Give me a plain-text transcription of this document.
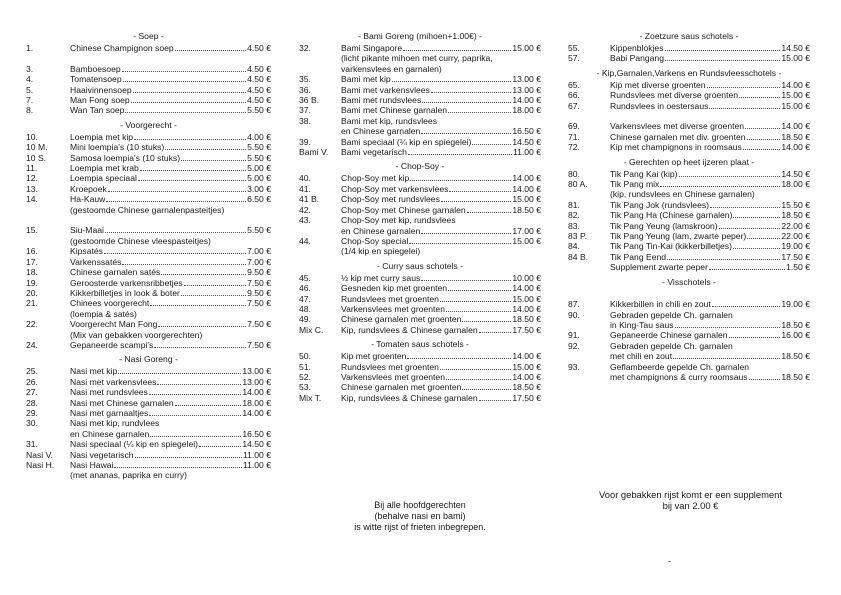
- Soep -
1.	Chinese Champignon soep	4.50 €
3.	Bamboesoep	4.50 €
4.	Tomatensoep	4.50 €
5.	Haaivinnensoep	4.50 €
7.	Man Fong soep	4.50 €
8.	Wan Tan soep	5.50 €
- Voorgerecht -
10.	Loempia met kip	4.00 €
10 M.	Mini loempia's (10 stuks)	5.50 €
10 S.	Samosa loempia's (10 stuks)	5.50 €
11.	Loempia met krab	5.00 €
12.	Loempia speciaal	5.00 €
13.	Kroepoek	3.00 €
14.	Ha-Kauw	6.50 €
(gestoomde Chinese garnalenpasteitjes)
15.	Siu-Maai	5.50 €
(gestoomde Chinese vleespasteitjes)
16.	Kipsatés	7.00 €
17.	Varkenssatés	7.00 €
18.	Chinese garnalen satés	9.50 €
19.	Geroosterde varkensribbetjes	7.50 €
20.	Kikkerbilletjes in look & boter	9.50 €
21.	Chinees voorgerecht	7.50 €
(loempia & satés)
22.	Voorgerecht Man Fong	7.50 €
(Mix van gebakken voorgerechten)
24.	Gepaneerde scampi's	7.50 €
- Nasi Goreng -
25.	Nasi met kip	13.00 €
26.	Nasi met varkensvlees	13.00 €
27.	Nasi met rundsvlees	14.00 €
28.	Nasi met Chinese garnalen	18.00 €
29.	Nasi met garnaaltjes	14.00 €
30.	Nasi met kip, rundvlees
en Chinese garnalen	16.50 €
31.	Nasi speciaal (¼ kip en spiegelei)	14.50 €
Nasi V.	Nasi vegetarisch	11.00 €
Nasi H.	Nasi Hawai	11.00 €
(met ananas, paprika en curry)
- Bami Goreng (mihoen+1.00€) -
32.	Bami Singapore	15.00 €
(licht pikante mihoen met curry, paprika,
varkensvlees en garnalen)
35.	Bami met kip	13.00 €
36.	Bami met varkensvlees	13.00 €
36 B.	Bami met rundsvlees	14.00 €
37.	Bami met Chinese garnalen	18.00 €
38.	Bami met kip, rundsvlees
en Chinese garnalen	16.50 €
39.	Bami speciaal (¼ kip en spiegelei)	14.50 €
Bami V.	Bami vegetarisch	11.00 €
- Chop-Soy -
40.	Chop-Soy met kip	14.00 €
41.	Chop-Soy met varkensvlees	14.00 €
41 B.	Chop-Soy met rundsvlees	15.00 €
42.	Chop-Soy met Chinese garnalen	18.50 €
43.	Chop-Soy met kip, rundsvlees
en Chinese garnalen	17.00 €
44.	Chop-Soy special	15.00 €
(1/4 kip en spiegelei)
- Curry saus schotels -
45.	½ kip met curry saus	10.00 €
46.	Gesneden kip met groenten	14.00 €
47.	Rundsvlees met groenten	15.00 €
48.	Varkensvlees met groenten	14.00 €
49.	Chinese garnalen met groenten	18.50 €
Mix C.	Kip, rundsvlees & Chinese garnalen	17.50 €
- Tomaten saus schotels -
50.	Kip met groenten	14.00 €
51.	Rundsvlees met groenten	15.00 €
52.	Varkensvlees met groenten	14.00 €
53.	Chinese garnalen met groenten	18.50 €
Mix T.	Kip, rundsvlees & Chinese garnalen	17.50 €
- Zoetzure saus schotels -
55.	Kippenblokjes	14.50 €
57.	Babi Pangang	15.00 €
- Kip,Garnalen,Varkens en Rundsvleesschotels -
65.	Kip met diverse groenten	14.00 €
66.	Rundsvlees met diverse groenten	15.00 €
67.	Rundsvlees in oestersaus	15.00 €
69.	Varkensvlees met diverse groenten	14.00 €
71.	Chinese garnalen met div. groenten	18.50 €
72.	Kip met champignons in roomsaus	14.00 €
- Gerechten op heet ijzeren plaat -
80.	Tik Pang Kai (kip)	14.50 €
80 A.	Tik Pang mix	18.00 €
(kip, rundsvlees en Chinese garnalen)
81.	Tik Pang Jok (rundsvlees)	15.50 €
82.	Tik Pang Ha (Chinese garnalen)	18.50 €
83.	Tik Pang Yeung (lamskroon)	22.00 €
83 P.	Tik Pang Yeung (lam, zwarte peper)	22.00 €
84.	Tik Pang Tin-Kai (kikkerbilletjes)	19.00 €
84 B.	Tik Pang Eend	17.50 €
Supplement zwarte peper	1.50 €
- Visschotels -
87.	Kikkerbillen in chili en zout	19.00 €
90.	Gebraden gepelde Ch. garnalen
in King-Tau saus	18.50 €
91.	Gepaneerde Chinese garnalen	16.00 €
92.	Gebraden gepelde Ch. garnalen
met chili en zout	18.50 €
93.	Geflambeerde gepelde Ch. garnalen
met champignons & curry roomsaus	18.50 €
Bij alle hoofdgerechten
(behalve nasi en bami)
is witte rijst of frieten inbegrepen.
Voor gebakken rijst komt er een supplement
bij van 2.00 €
-
